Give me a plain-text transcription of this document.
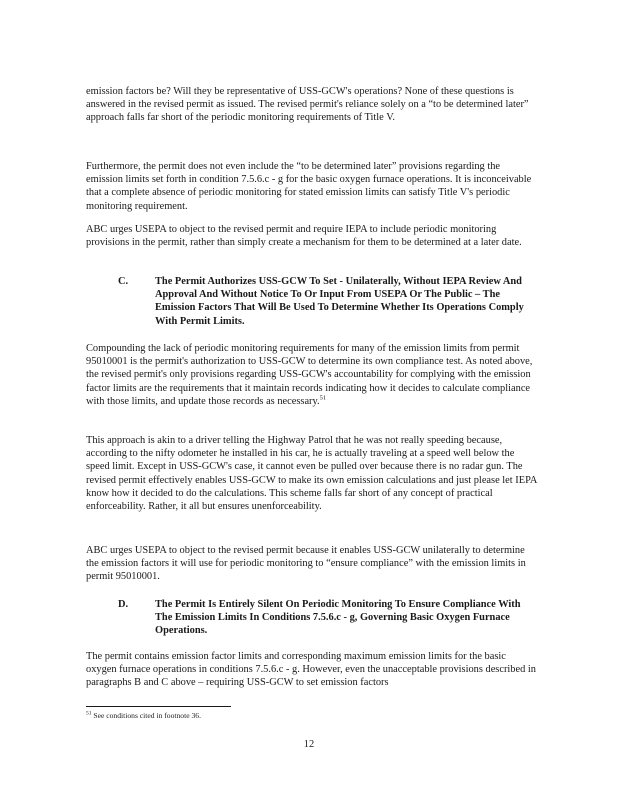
emission factors be? Will they be representative of USS-GCW's operations? None of these questions is answered in the revised permit as issued. The revised permit's reliance solely on a “to be determined later” approach falls far short of the periodic monitoring requirements of Title V.

Furthermore, the permit does not even include the “to be determined later” provisions regarding the emission limits set forth in condition 7.5.6.c - g for the basic oxygen furnace operations. It is inconceivable that a complete absence of periodic monitoring for stated emission limits can satisfy Title V's periodic monitoring requirement.

ABC urges USEPA to object to the revised permit and require IEPA to include periodic monitoring provisions in the permit, rather than simply create a mechanism for them to be determined at a later date.

C.	The Permit Authorizes USS-GCW To Set - Unilaterally, Without IEPA Review And Approval And Without Notice To Or Input From USEPA Or The Public – The Emission Factors That Will Be Used To Determine Whether Its Operations Comply With Permit Limits.

Compounding the lack of periodic monitoring requirements for many of the emission limits from permit 95010001 is the permit's authorization to USS-GCW to determine its own compliance test. As noted above, the revised permit's only provisions regarding USS-GCW's accountability for complying with the emission factor limits are the requirements that it maintain records indicating how it decides to calculate compliance with those limits, and update those records as necessary.$^{51}$

This approach is akin to a driver telling the Highway Patrol that he was not really speeding because, according to the nifty odometer he installed in his car, he is actually traveling at a speed well below the speed limit. Except in USS-GCW's case, it cannot even be pulled over because there is no radar gun. The revised permit effectively enables USS-GCW to make its own emission calculations and just please let IEPA know how it decided to do the calculations. This scheme falls far short of any concept of practical enforceability. Rather, it all but ensures unenforceability.

ABC urges USEPA to object to the revised permit because it enables USS-GCW unilaterally to determine the emission factors it will use for periodic monitoring to “ensure compliance” with the emission limits in permit 95010001.

D.	The Permit Is Entirely Silent On Periodic Monitoring To Ensure Compliance With The Emission Limits In Conditions 7.5.6.c - g, Governing Basic Oxygen Furnace Operations.

The permit contains emission factor limits and corresponding maximum emission limits for the basic oxygen furnace operations in conditions 7.5.6.c - g. However, even the unacceptable provisions described in paragraphs B and C above – requiring USS-GCW to set emission factors

$^{51}$ See conditions cited in footnote 36.

12
